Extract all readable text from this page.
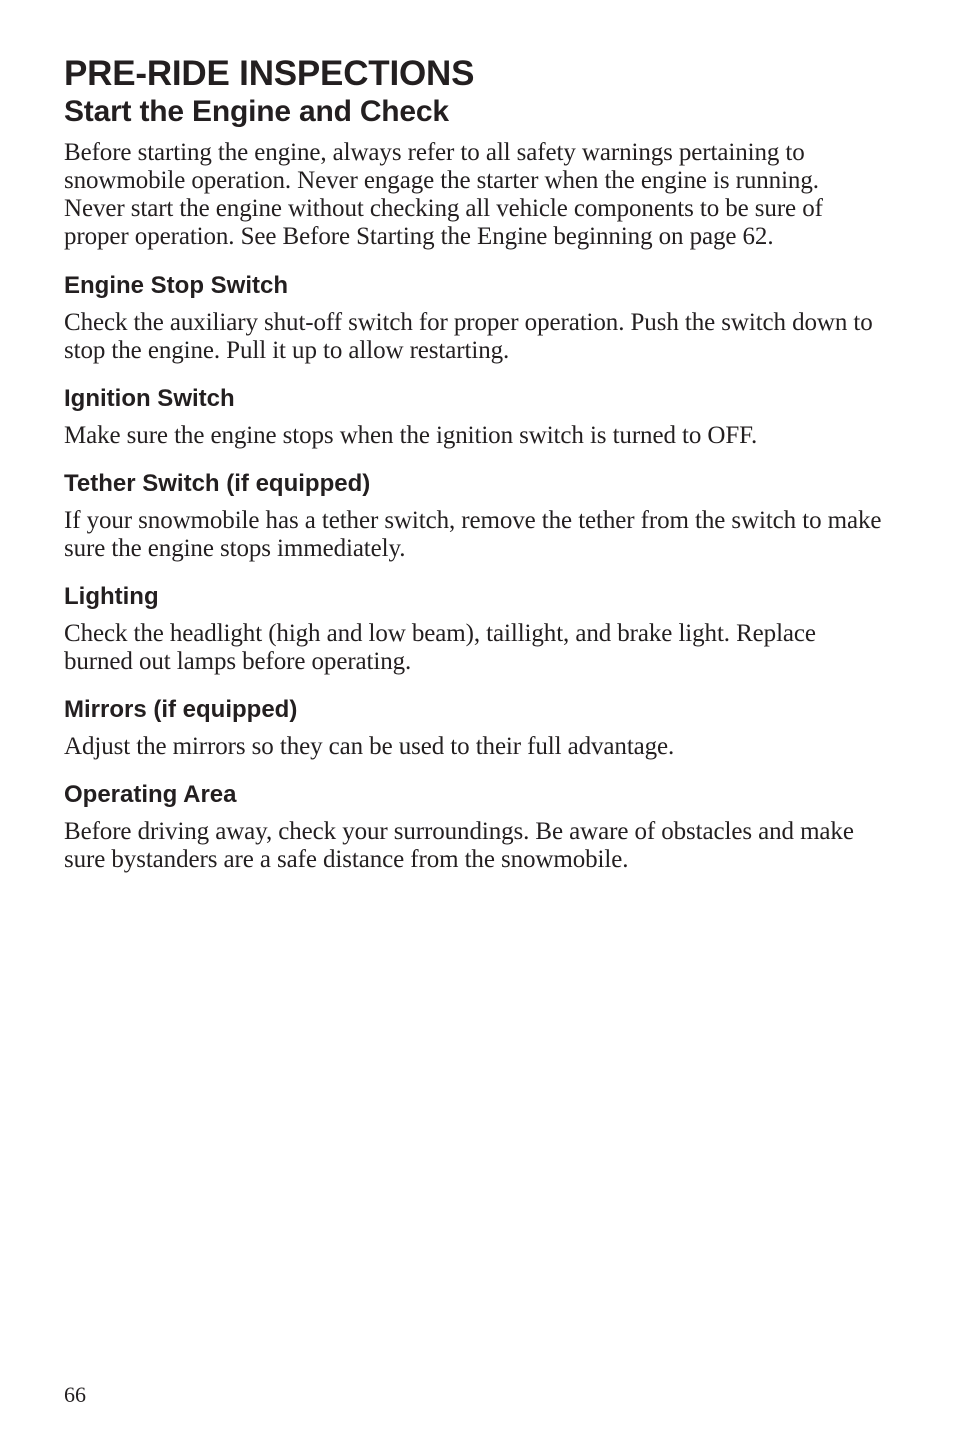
PRE-RIDE INSPECTIONS
Start the Engine and Check

Before starting the engine, always refer to all safety warnings pertaining to snowmobile operation. Never engage the starter when the engine is running. Never start the engine without checking all vehicle components to be sure of proper operation. See Before Starting the Engine beginning on page 62.

Engine Stop Switch

Check the auxiliary shut-off switch for proper operation. Push the switch down to stop the engine. Pull it up to allow restarting.

Ignition Switch

Make sure the engine stops when the ignition switch is turned to OFF.

Tether Switch (if equipped)

If your snowmobile has a tether switch, remove the tether from the switch to make sure the engine stops immediately.

Lighting

Check the headlight (high and low beam), taillight, and brake light. Replace burned out lamps before operating.

Mirrors (if equipped)

Adjust the mirrors so they can be used to their full advantage.

Operating Area

Before driving away, check your surroundings. Be aware of obstacles and make sure bystanders are a safe distance from the snowmobile.

66
